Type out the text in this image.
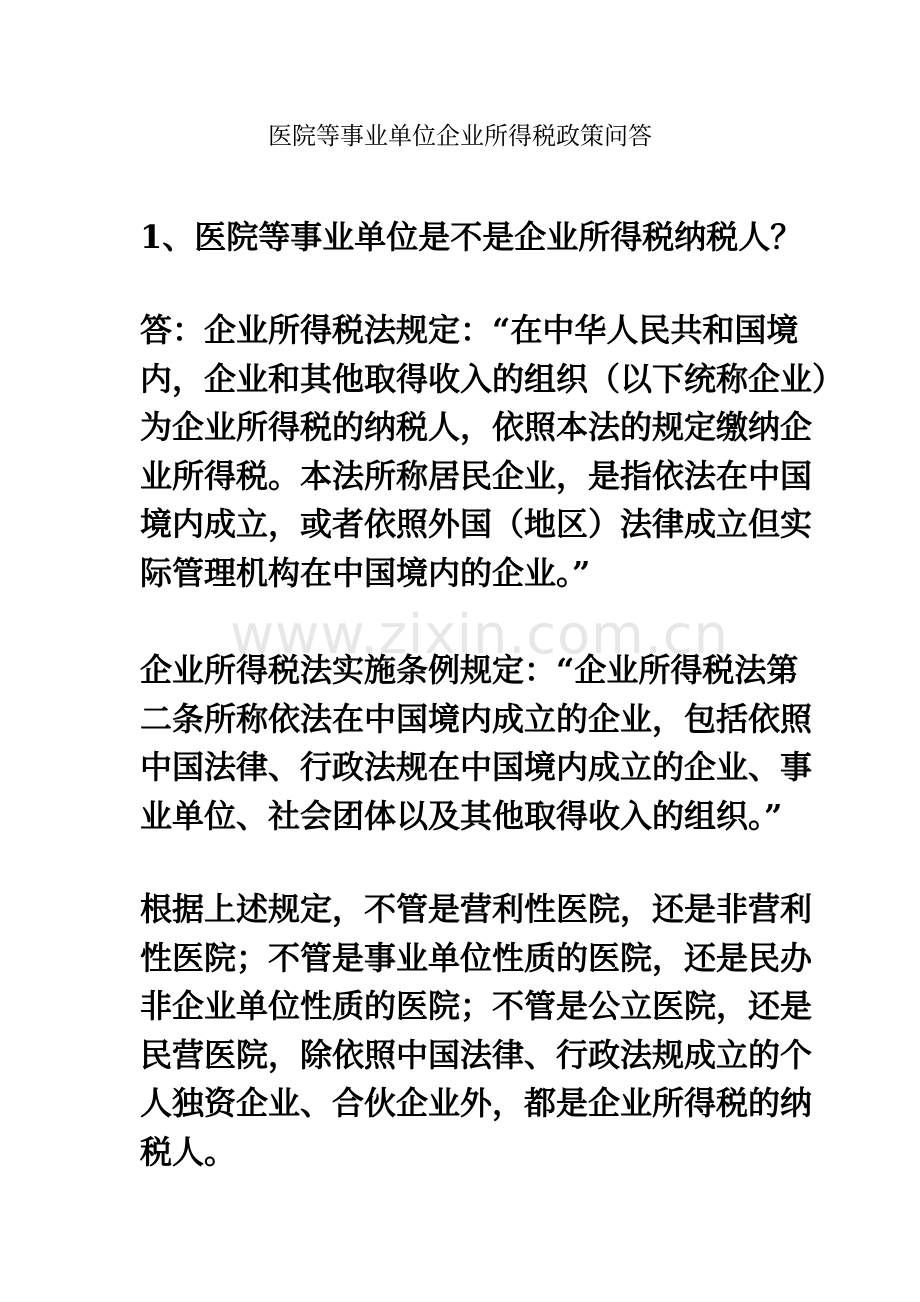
医院等事业单位企业所得税政策问答
1、医院等事业单位是不是企业所得税纳税人？
答：企业所得税法规定：“在中华人民共和国境
内，企业和其他取得收入的组织（以下统称企业）
为企业所得税的纳税人，依照本法的规定缴纳企
业所得税。本法所称居民企业，是指依法在中国
境内成立，或者依照外国（地区）法律成立但实
际管理机构在中国境内的企业。”
企业所得税法实施条例规定：“企业所得税法第
二条所称依法在中国境内成立的企业，包括依照
中国法律、行政法规在中国境内成立的企业、事
业单位、社会团体以及其他取得收入的组织。”
根据上述规定，不管是营利性医院，还是非营利
性医院；不管是事业单位性质的医院，还是民办
非企业单位性质的医院；不管是公立医院，还是
民营医院，除依照中国法律、行政法规成立的个
人独资企业、合伙企业外，都是企业所得税的纳
税人。
www.zixin.com.cn
